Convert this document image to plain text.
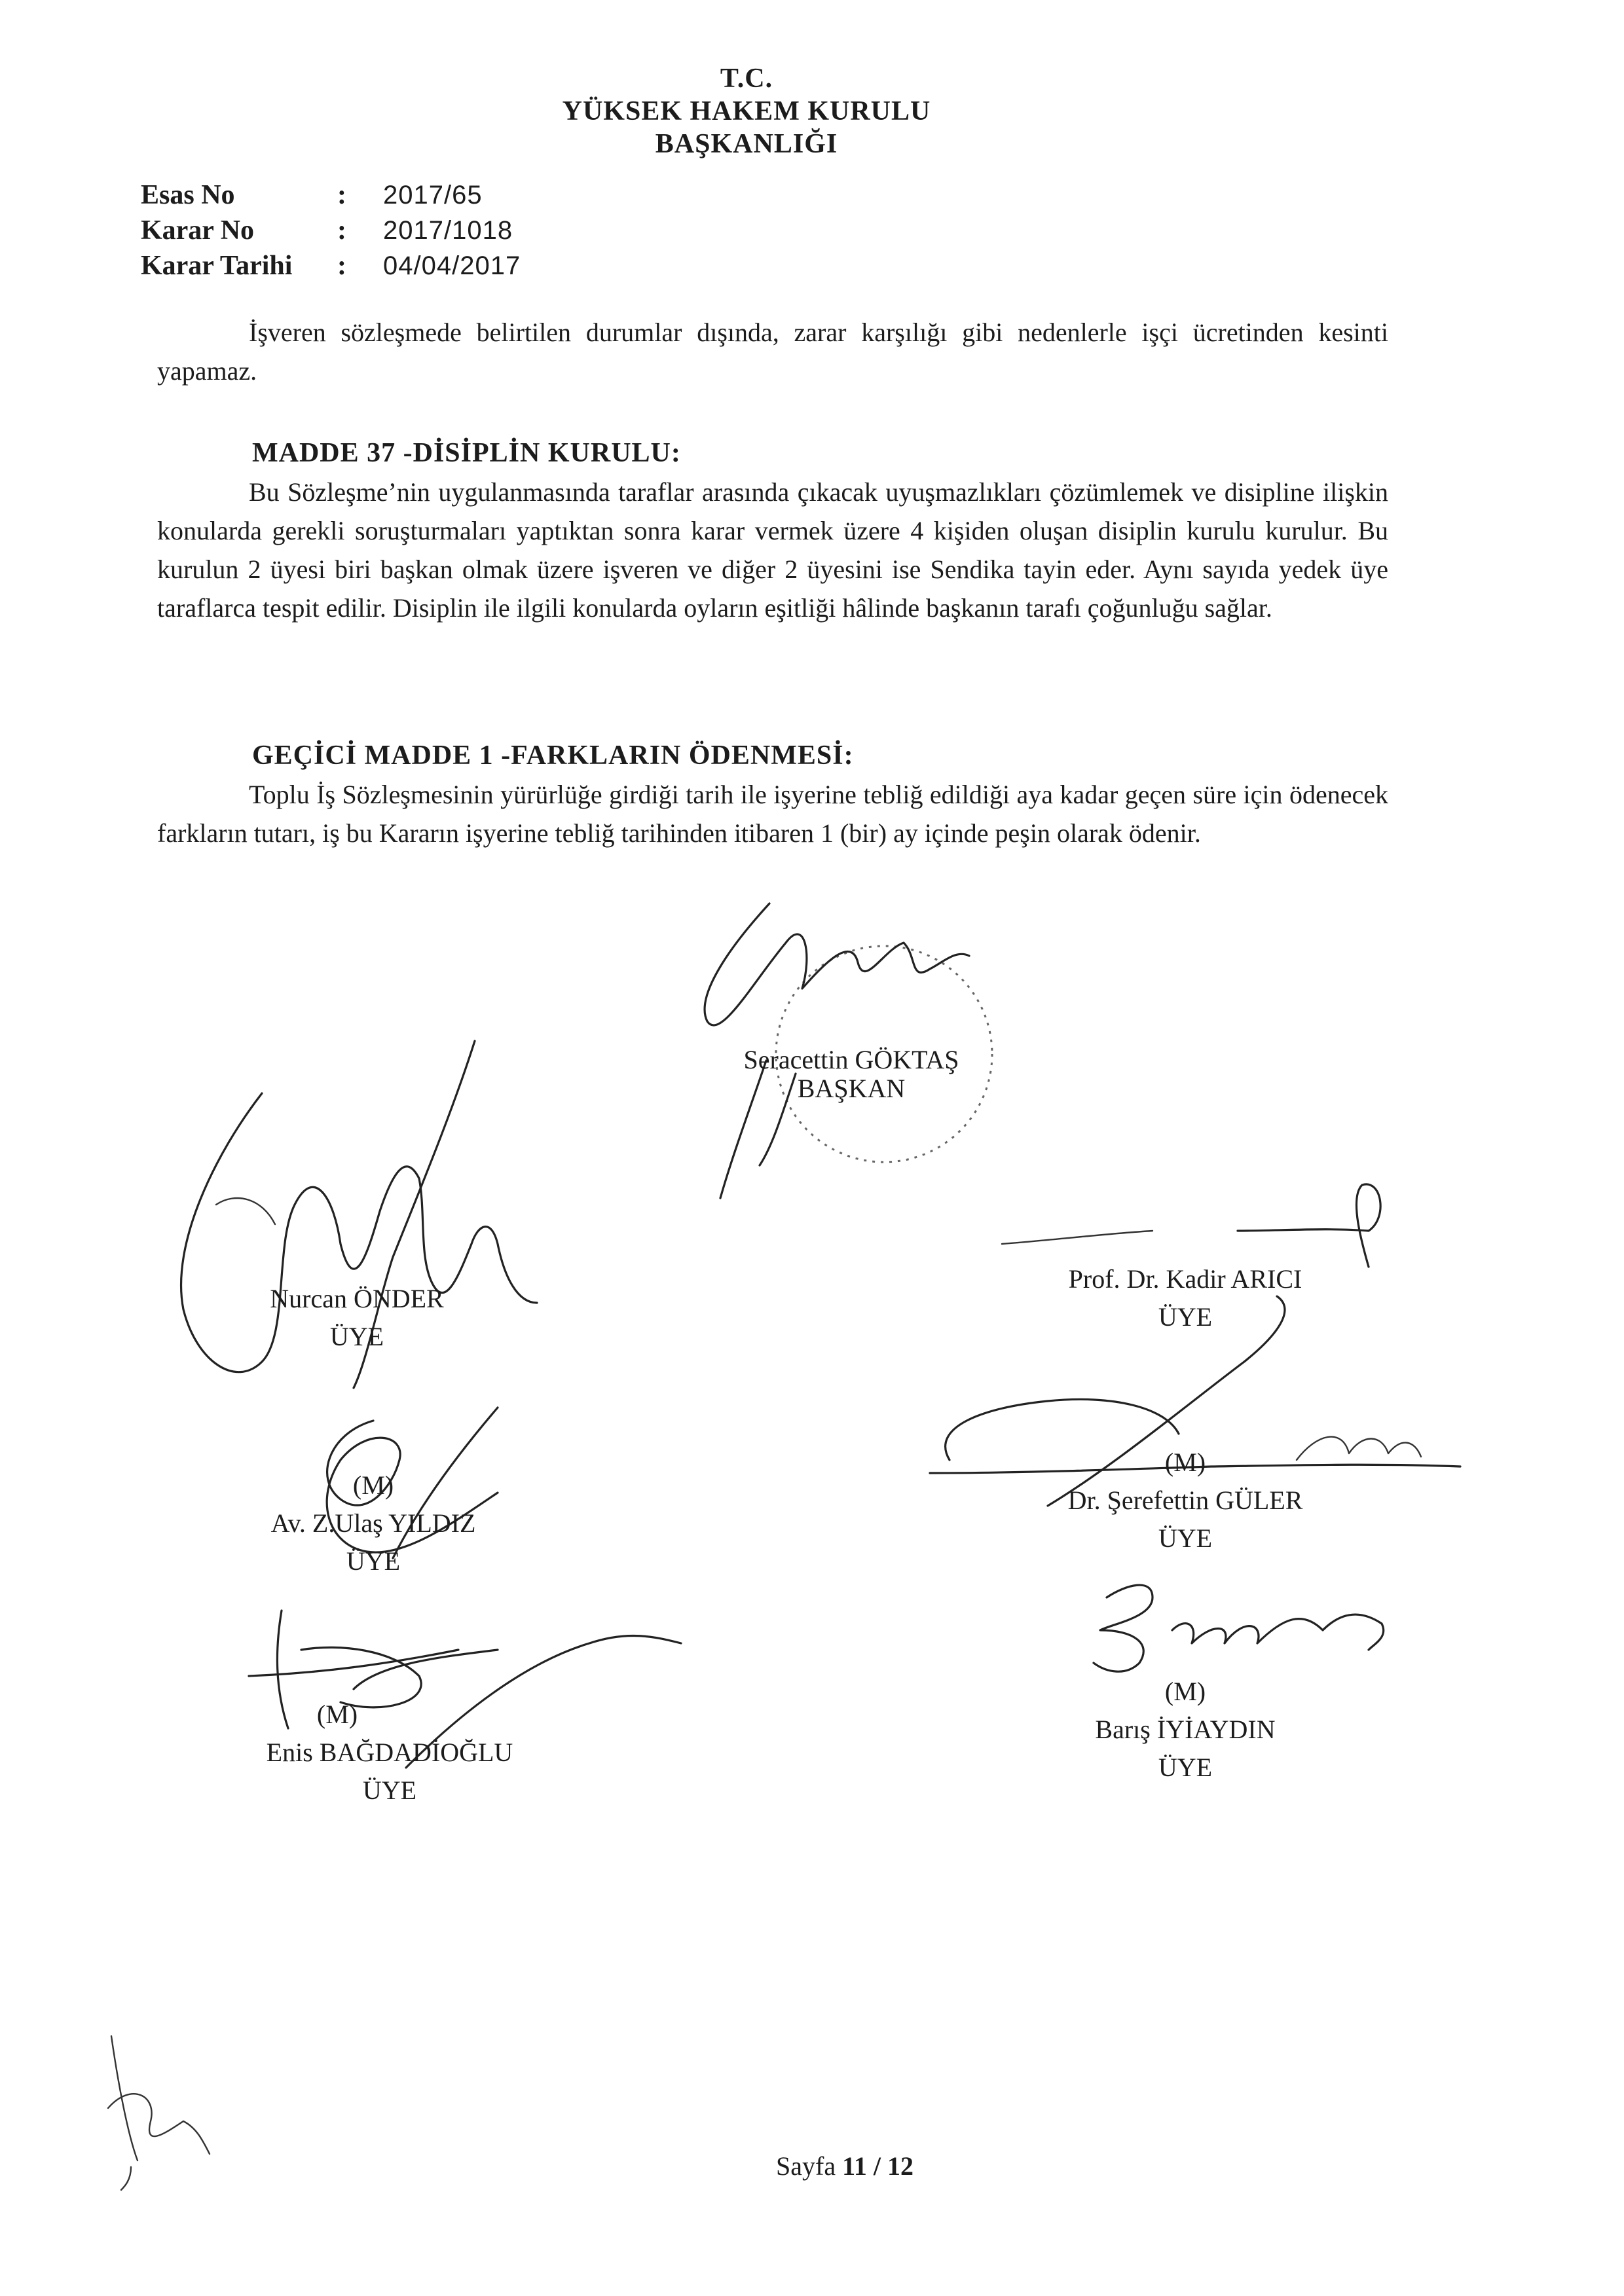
T.C.
YÜKSEK HAKEM KURULU
BAŞKANLIĞI
Esas No	: 2017/65
Karar No	: 2017/1018
Karar Tarihi : 04/04/2017
İşveren sözleşmede belirtilen durumlar dışında, zarar karşılığı gibi nedenlerle işçi ücretinden kesinti yapamaz.
MADDE 37 -DİSİPLİN KURULU:
Bu Sözleşme’nin uygulanmasında taraflar arasında çıkacak uyuşmazlıkları çözümlemek ve disipline ilişkin konularda gerekli soruşturmaları yaptıktan sonra karar vermek üzere 4 kişiden oluşan disiplin kurulu kurulur. Bu kurulun 2 üyesi biri başkan olmak üzere işveren ve diğer 2 üyesini ise Sendika tayin eder. Aynı sayıda yedek üye taraflarca tespit edilir. Disiplin ile ilgili konularda oyların eşitliği hâlinde başkanın tarafı çoğunluğu sağlar.
GEÇİCİ MADDE 1 -FARKLARIN ÖDENMESİ:
Toplu İş Sözleşmesinin yürürlüğe girdiği tarih ile işyerine tebliğ edildiği aya kadar geçen süre için ödenecek farkların tutarı, iş bu Kararın işyerine tebliğ tarihinden itibaren 1 (bir) ay içinde peşin olarak ödenir.
Seracettin GÖKTAŞ
BAŞKAN
Prof. Dr. Kadir ARICI
ÜYE
Nurcan ÖNDER
ÜYE
(M)
Av. Z.Ulaş YILDIZ
ÜYE
(M)
Dr. Şerefettin GÜLER
ÜYE
(M)
Enis BAĞDADİOĞLU
ÜYE
(M)
Barış İYİAYDIN
ÜYE
Sayfa 11 / 12
